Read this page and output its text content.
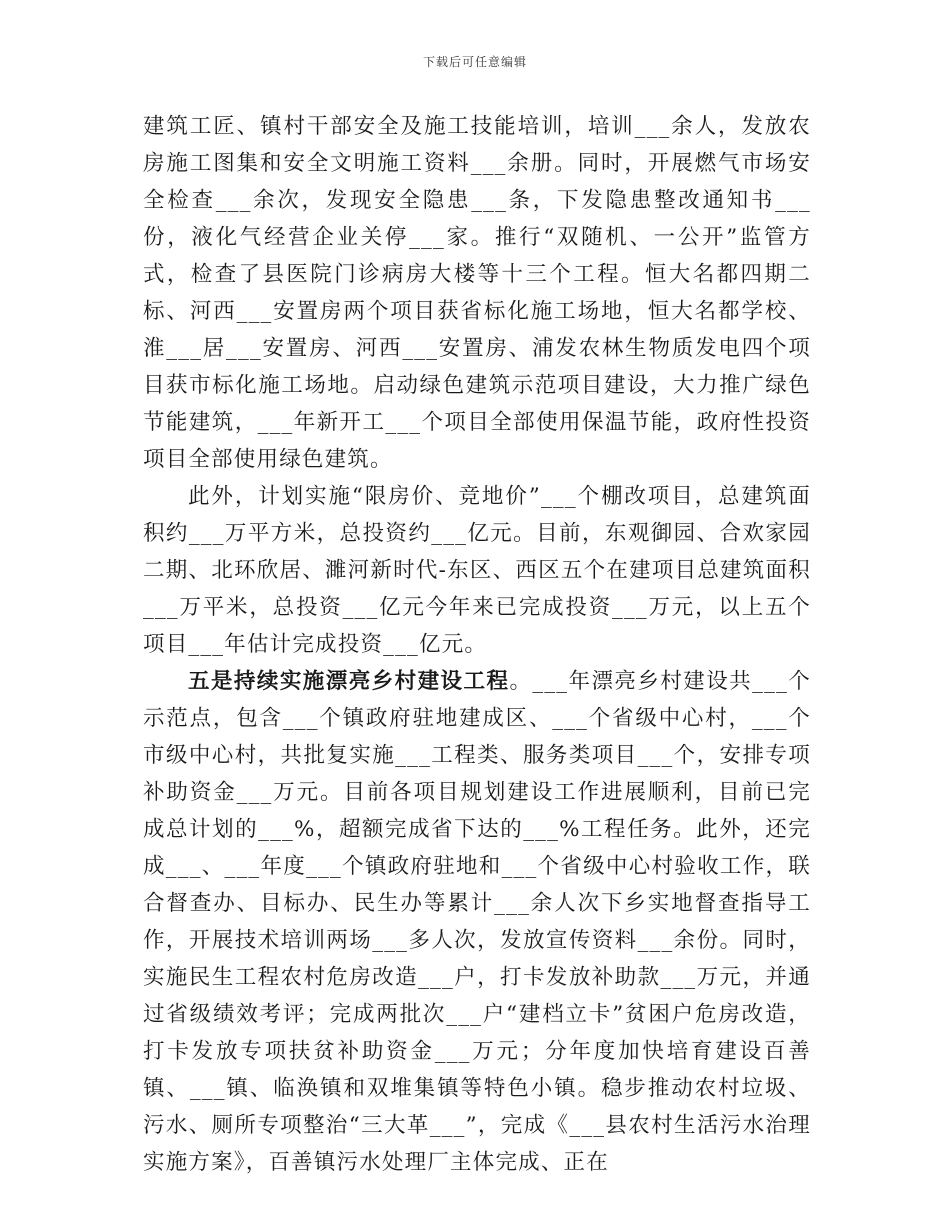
下载后可任意编辑

建筑工匠、镇村干部安全及施工技能培训，培训___余人，发放农房施工图集和安全文明施工资料___余册。同时，开展燃气市场安全检查___余次，发现安全隐患___条，下发隐患整改通知书___份，液化气经营企业关停___家。推行“双随机、一公开”监管方式，检查了县医院门诊病房大楼等十三个工程。恒大名都四期二标、河西___安置房两个项目获省标化施工场地，恒大名都学校、淮___居___安置房、河西___安置房、浦发农林生物质发电四个项目获市标化施工场地。启动绿色建筑示范项目建设，大力推广绿色节能建筑，___年新开工___个项目全部使用保温节能，政府性投资项目全部使用绿色建筑。

此外，计划实施“限房价、竞地价”___个棚改项目，总建筑面积约___万平方米，总投资约___亿元。目前，东观御园、合欢家园二期、北环欣居、濉河新时代-东区、西区五个在建项目总建筑面积___万平米，总投资___亿元今年来已完成投资___万元，以上五个项目___年估计完成投资___亿元。

五是持续实施漂亮乡村建设工程。___年漂亮乡村建设共___个示范点，包含___个镇政府驻地建成区、___个省级中心村，___个市级中心村，共批复实施___工程类、服务类项目___个，安排专项补助资金___万元。目前各项目规划建设工作进展顺利，目前已完成总计划的___%，超额完成省下达的___%工程任务。此外，还完成___、___年度___个镇政府驻地和___个省级中心村验收工作，联合督查办、目标办、民生办等累计___余人次下乡实地督查指导工作，开展技术培训两场___多人次，发放宣传资料___余份。同时，实施民生工程农村危房改造___户，打卡发放补助款___万元，并通过省级绩效考评；完成两批次___户“建档立卡”贫困户危房改造，打卡发放专项扶贫补助资金___万元；分年度加快培育建设百善镇、___镇、临涣镇和双堆集镇等特色小镇。稳步推动农村垃圾、污水、厕所专项整治“三大革___”，完成《___县农村生活污水治理实施方案》，百善镇污水处理厂主体完成、正在
